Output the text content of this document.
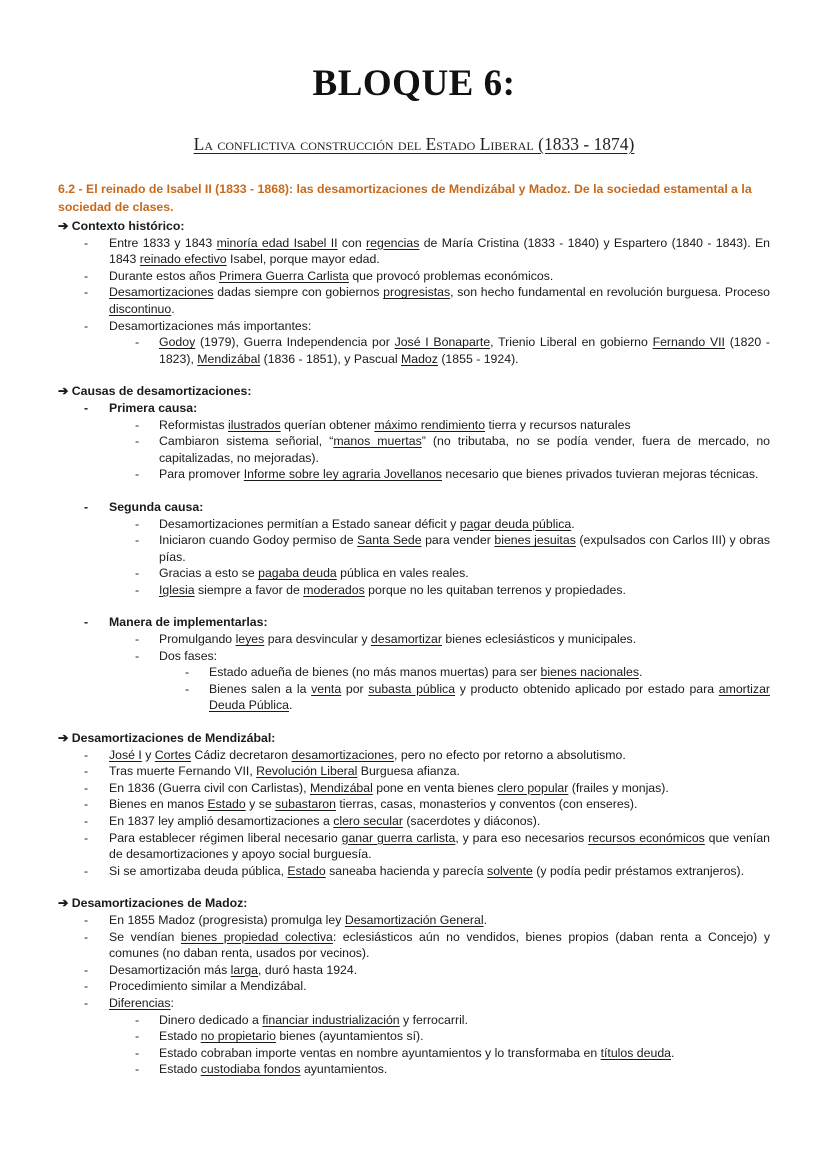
BLOQUE 6:
La conflictiva construcción del Estado Liberal (1833 - 1874)
6.2 - El reinado de Isabel II (1833 - 1868): las desamortizaciones de Mendizábal y Madoz. De la sociedad estamental a la sociedad de clases.
➔ Contexto histórico:
- Entre 1833 y 1843 minoría edad Isabel II con regencias de María Cristina (1833 - 1840) y Espartero (1840 - 1843). En 1843 reinado efectivo Isabel, porque mayor edad.
- Durante estos años Primera Guerra Carlista que provocó problemas económicos.
- Desamortizaciones dadas siempre con gobiernos progresistas, son hecho fundamental en revolución burguesa. Proceso discontinuo.
- Desamortizaciones más importantes:
- Godoy (1979), Guerra Independencia por José I Bonaparte, Trienio Liberal en gobierno Fernando VII (1820 - 1823), Mendizábal (1836 - 1851), y Pascual Madoz (1855 - 1924).
➔ Causas de desamortizaciones:
- Primera causa:
- Reformistas ilustrados querían obtener máximo rendimiento tierra y recursos naturales
- Cambiaron sistema señorial, “manos muertas” (no tributaba, no se podía vender, fuera de mercado, no capitalizadas, no mejoradas).
- Para promover Informe sobre ley agraria Jovellanos necesario que bienes privados tuvieran mejoras técnicas.
- Segunda causa:
- Desamortizaciones permitían a Estado sanear déficit y pagar deuda pública.
- Iniciaron cuando Godoy permiso de Santa Sede para vender bienes jesuitas (expulsados con Carlos III) y obras pías.
- Gracias a esto se pagaba deuda pública en vales reales.
- Iglesia siempre a favor de moderados porque no les quitaban terrenos y propiedades.
- Manera de implementarlas:
- Promulgando leyes para desvincular y desamortizar bienes eclesiásticos y municipales.
- Dos fases:
- Estado adueña de bienes (no más manos muertas) para ser bienes nacionales.
- Bienes salen a la venta por subasta pública y producto obtenido aplicado por estado para amortizar Deuda Pública.
➔ Desamortizaciones de Mendizábal:
- José I y Cortes Cádiz decretaron desamortizaciones, pero no efecto por retorno a absolutismo.
- Tras muerte Fernando VII, Revolución Liberal Burguesa afianza.
- En 1836 (Guerra civil con Carlistas), Mendizábal pone en venta bienes clero popular (frailes y monjas).
- Bienes en manos Estado y se subastaron tierras, casas, monasterios y conventos (con enseres).
- En 1837 ley amplió desamortizaciones a clero secular (sacerdotes y diáconos).
- Para establecer régimen liberal necesario ganar guerra carlista, y para eso necesarios recursos económicos que venían de desamortizaciones y apoyo social burguesía.
- Si se amortizaba deuda pública, Estado saneaba hacienda y parecía solvente (y podía pedir préstamos extranjeros).
➔ Desamortizaciones de Madoz:
- En 1855 Madoz (progresista) promulga ley Desamortización General.
- Se vendían bienes propiedad colectiva: eclesiásticos aún no vendidos, bienes propios (daban renta a Concejo) y comunes (no daban renta, usados por vecinos).
- Desamortización más larga, duró hasta 1924.
- Procedimiento similar a Mendizábal.
- Diferencias:
- Dinero dedicado a financiar industrialización y ferrocarril.
- Estado no propietario bienes (ayuntamientos sí).
- Estado cobraban importe ventas en nombre ayuntamientos y lo transformaba en títulos deuda.
- Estado custodiaba fondos ayuntamientos.
